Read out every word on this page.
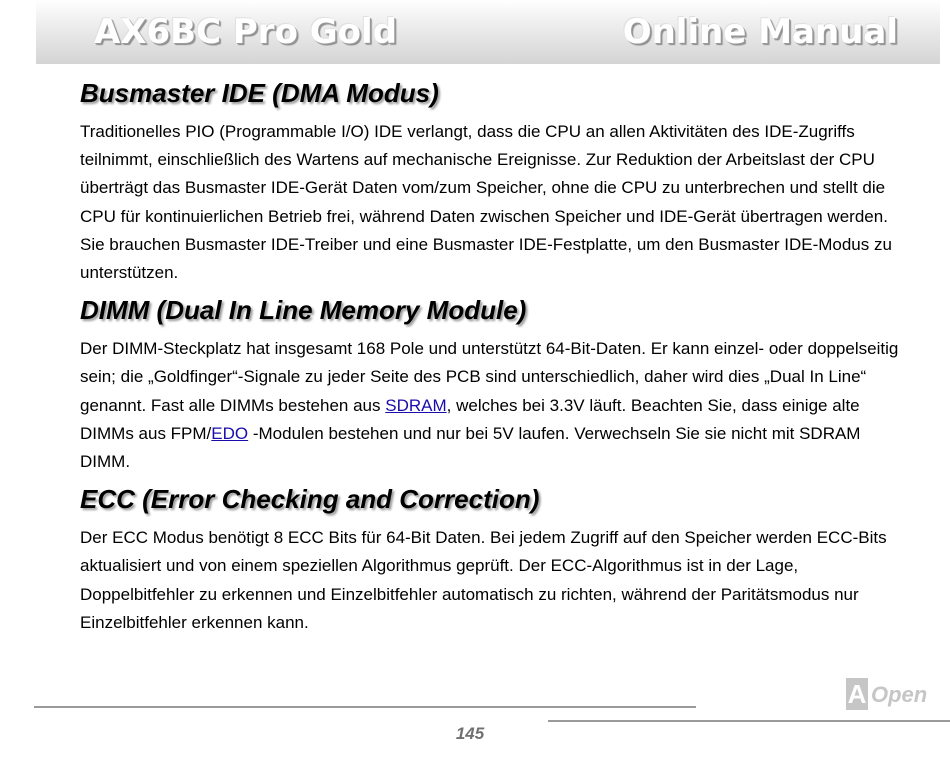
AX6BC Pro Gold	Online Manual
Busmaster IDE (DMA Modus)

Traditionelles PIO (Programmable I/O) IDE verlangt, dass die CPU an allen Aktivitäten des IDE-Zugriffs teilnimmt, einschließlich des Wartens auf mechanische Ereignisse. Zur Reduktion der Arbeitslast der CPU überträgt das Busmaster IDE-Gerät Daten vom/zum Speicher, ohne die CPU zu unterbrechen und stellt die CPU für kontinuierlichen Betrieb frei, während Daten zwischen Speicher und IDE-Gerät übertragen werden. Sie brauchen Busmaster IDE-Treiber und eine Busmaster IDE-Festplatte, um den Busmaster IDE-Modus zu unterstützen.

DIMM (Dual In Line Memory Module)

Der DIMM-Steckplatz hat insgesamt 168 Pole und unterstützt 64-Bit-Daten. Er kann einzel- oder doppelseitig sein; die „Goldfinger“-Signale zu jeder Seite des PCB sind unterschiedlich, daher wird dies „Dual In Line“ genannt. Fast alle DIMMs bestehen aus SDRAM, welches bei 3.3V läuft. Beachten Sie, dass einige alte DIMMs aus FPM/EDO -Modulen bestehen und nur bei 5V laufen. Verwechseln Sie sie nicht mit SDRAM DIMM.

ECC (Error Checking and Correction)

Der ECC Modus benötigt 8 ECC Bits für 64-Bit Daten. Bei jedem Zugriff auf den Speicher werden ECC-Bits aktualisiert und von einem speziellen Algorithmus geprüft. Der ECC-Algorithmus ist in der Lage, Doppelbitfehler zu erkennen und Einzelbitfehler automatisch zu richten, während der Paritätsmodus nur Einzelbitfehler erkennen kann.

145
A Open
